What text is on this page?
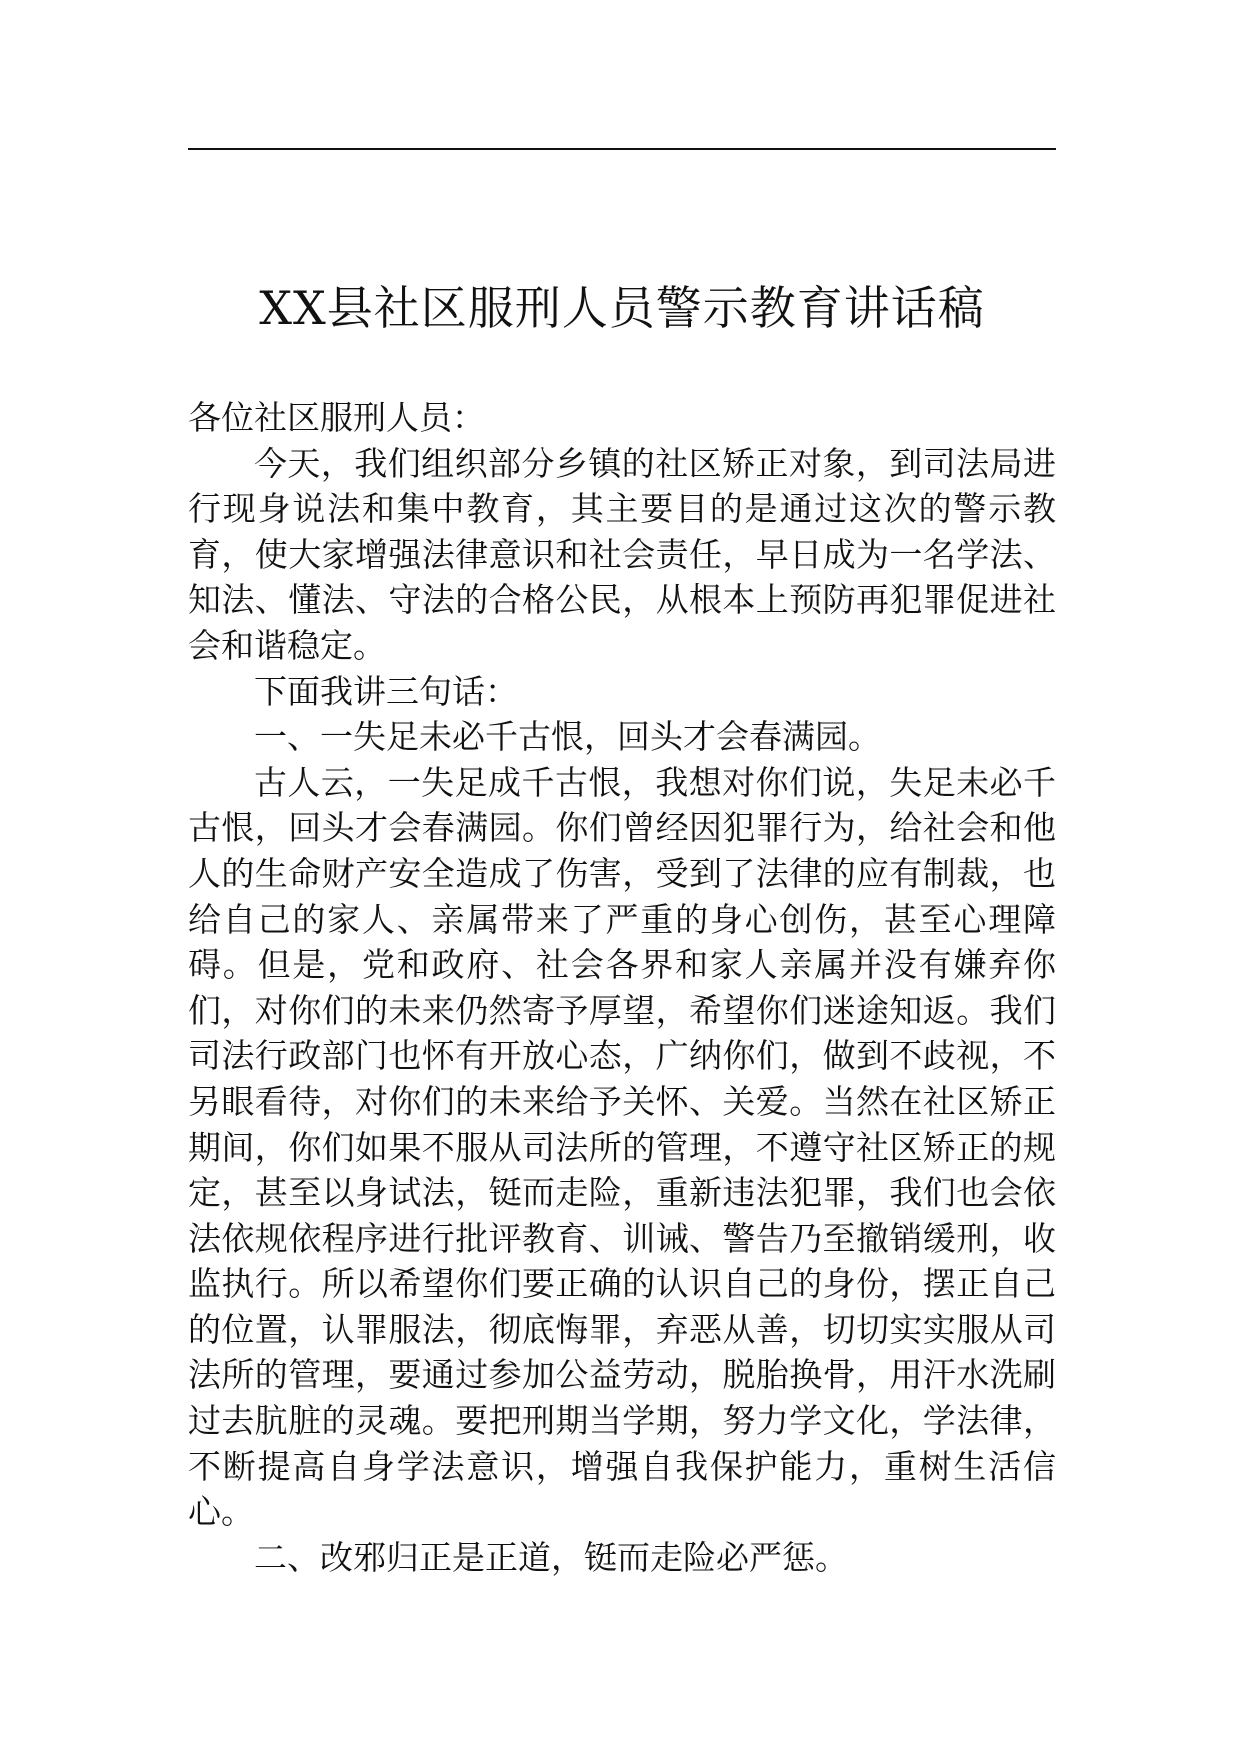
XX县社区服刑人员警示教育讲话稿

各位社区服刑人员：

今天，我们组织部分乡镇的社区矫正对象，到司法局进行现身说法和集中教育，其主要目的是通过这次的警示教育，使大家增强法律意识和社会责任，早日成为一名学法、知法、懂法、守法的合格公民，从根本上预防再犯罪促进社会和谐稳定。

下面我讲三句话：

一、一失足未必千古恨，回头才会春满园。

古人云，一失足成千古恨，我想对你们说，失足未必千古恨，回头才会春满园。你们曾经因犯罪行为，给社会和他人的生命财产安全造成了伤害，受到了法律的应有制裁，也给自己的家人、亲属带来了严重的身心创伤，甚至心理障碍。但是，党和政府、社会各界和家人亲属并没有嫌弃你们，对你们的未来仍然寄予厚望，希望你们迷途知返。我们司法行政部门也怀有开放心态，广纳你们，做到不歧视，不另眼看待，对你们的未来给予关怀、关爱。当然在社区矫正期间，你们如果不服从司法所的管理，不遵守社区矫正的规定，甚至以身试法，铤而走险，重新违法犯罪，我们也会依法依规依程序进行批评教育、训诫、警告乃至撤销缓刑，收监执行。所以希望你们要正确的认识自己的身份，摆正自己的位置，认罪服法，彻底悔罪，弃恶从善，切切实实服从司法所的管理，要通过参加公益劳动，脱胎换骨，用汗水洗刷过去肮脏的灵魂。要把刑期当学期，努力学文化，学法律，不断提高自身学法意识，增强自我保护能力，重树生活信心。

二、改邪归正是正道，铤而走险必严惩。
